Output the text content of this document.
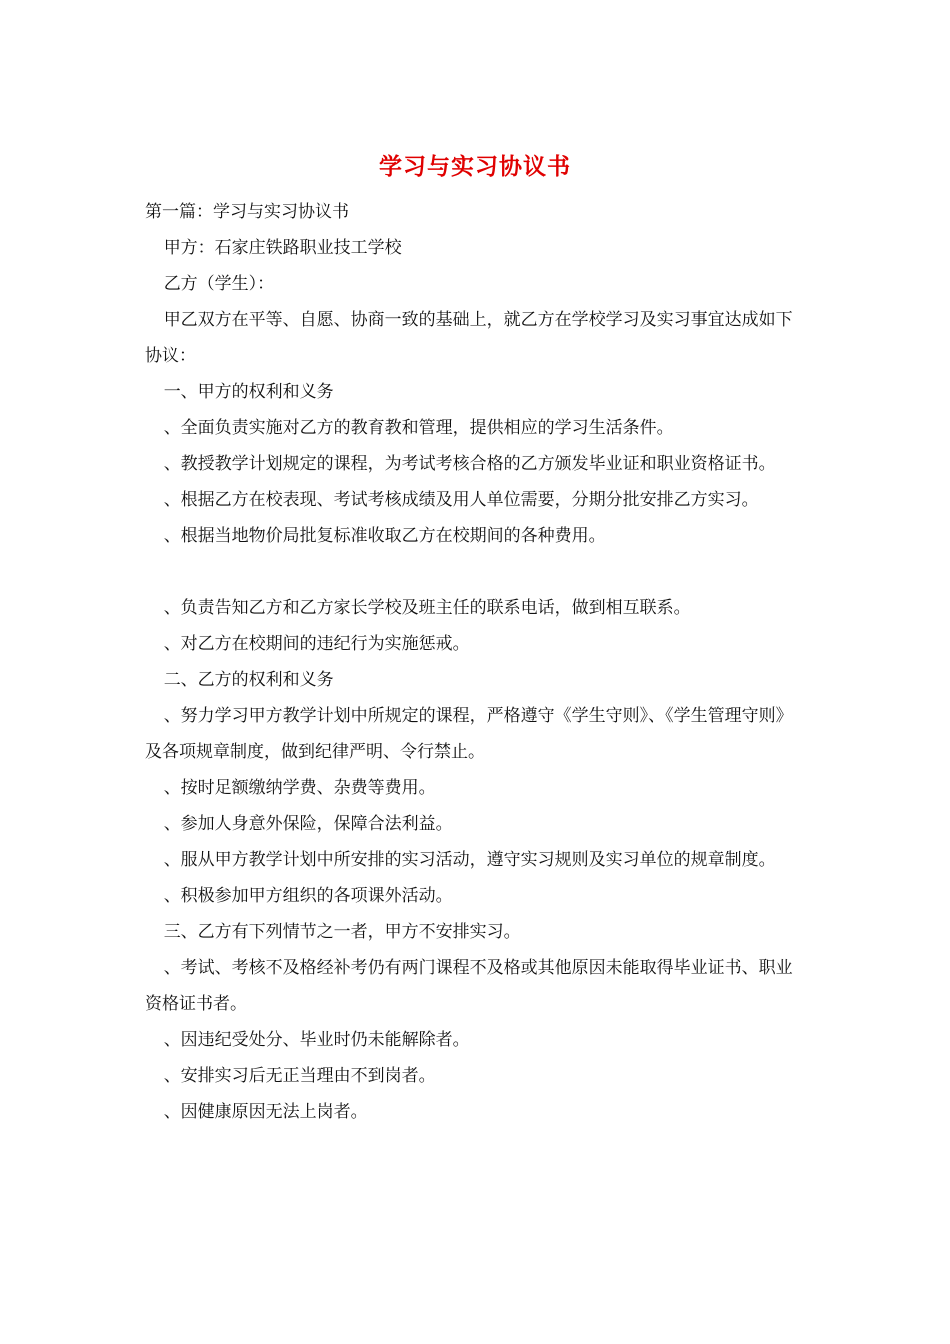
学习与实习协议书

第一篇：学习与实习协议书

甲方：石家庄铁路职业技工学校

乙方（学生）：

甲乙双方在平等、自愿、协商一致的基础上，就乙方在学校学习及实习事宜达成如下协议：

一、甲方的权利和义务

、全面负责实施对乙方的教育教和管理，提供相应的学习生活条件。

、教授教学计划规定的课程，为考试考核合格的乙方颁发毕业证和职业资格证书。

、根据乙方在校表现、考试考核成绩及用人单位需要，分期分批安排乙方实习。

、根据当地物价局批复标准收取乙方在校期间的各种费用。

、负责告知乙方和乙方家长学校及班主任的联系电话，做到相互联系。

、对乙方在校期间的违纪行为实施惩戒。

二、乙方的权利和义务

、努力学习甲方教学计划中所规定的课程，严格遵守《学生守则》、《学生管理守则》及各项规章制度，做到纪律严明、令行禁止。

、按时足额缴纳学费、杂费等费用。

、参加人身意外保险，保障合法利益。

、服从甲方教学计划中所安排的实习活动，遵守实习规则及实习单位的规章制度。

、积极参加甲方组织的各项课外活动。

三、乙方有下列情节之一者，甲方不安排实习。

、考试、考核不及格经补考仍有两门课程不及格或其他原因未能取得毕业证书、职业资格证书者。

、因违纪受处分、毕业时仍未能解除者。

、安排实习后无正当理由不到岗者。

、因健康原因无法上岗者。
